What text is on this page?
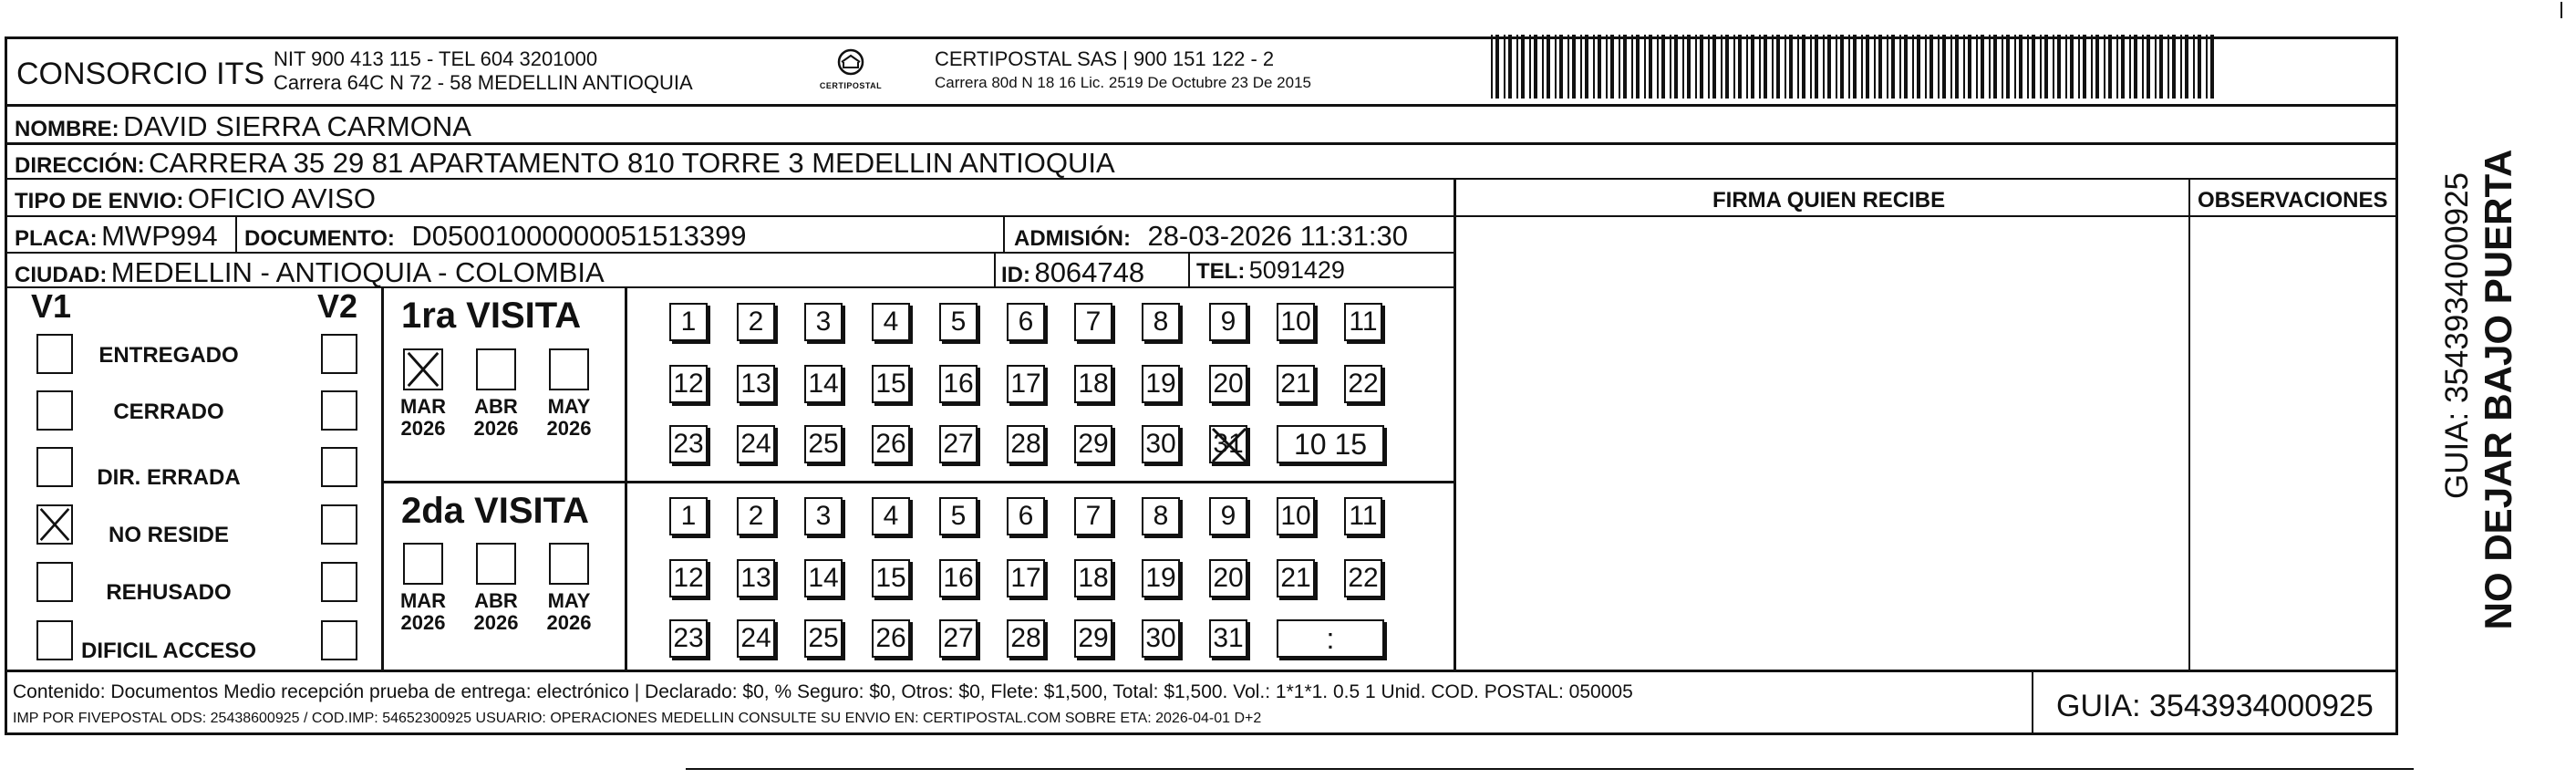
CONSORCIO ITS NIT 900 413 115 - TEL 604 3201000
Carrera 64C N 72 - 58 MEDELLIN ANTIOQUIA	CERTIPOSTAL
CERTIPOSTAL SAS | 900 151 122 - 2
Carrera 80d N 18 16 Lic. 2519 De Octubre 23 De 2015
NOMBRE: DAVID SIERRA CARMONA
DIRECCIÓN: CARRERA 35 29 81 APARTAMENTO 810 TORRE 3 MEDELLIN ANTIOQUIA
TIPO DE ENVIO: OFICIO AVISO	FIRMA QUIEN RECIBE	OBSERVACIONES
PLACA: MWP994 DOCUMENTO: D05001000000051513399	ADMISIÓN: 28-03-2026 11:31:30
CIUDAD: MEDELLIN - ANTIOQUIA - COLOMBIA	ID: 8064748 TEL: 5091429
V1	V2
ENTREGADO
CERRADO
DIR. ERRADA
NO RESIDE
REHUSADO
DIFICIL ACCESO
1ra VISITA
MAR
2026
ABR
2026
MAY
2026
1 2 3 4 5 6 7 8 9 10 11
12 13 14 15 16 17 18 19 20 21 22
23 24 25 26 27 28 29 30 31 10 15
2da VISITA
MAR
2026
ABR
2026
MAY
2026
1 2 3 4 5 6 7 8 9 10 11
12 13 14 15 16 17 18 19 20 21 22
23 24 25 26 27 28 29 30 31	:
Contenido: Documentos Medio recepción prueba de entrega: electrónico | Declarado: $0, % Seguro: $0, Otros: $0, Flete: $1,500, Total: $1,500. Vol.: 1*1*1. 0.5 1 Unid. COD. POSTAL: 050005
IMP POR FIVEPOSTAL ODS: 25438600925 / COD.IMP: 54652300925 USUARIO: OPERACIONES MEDELLIN CONSULTE SU ENVIO EN: CERTIPOSTAL.COM SOBRE ETA: 2026-04-01 D+2	GUIA: 3543934000925
NO DEJAR BAJO PUERTA
GUIA: 3543934000925
